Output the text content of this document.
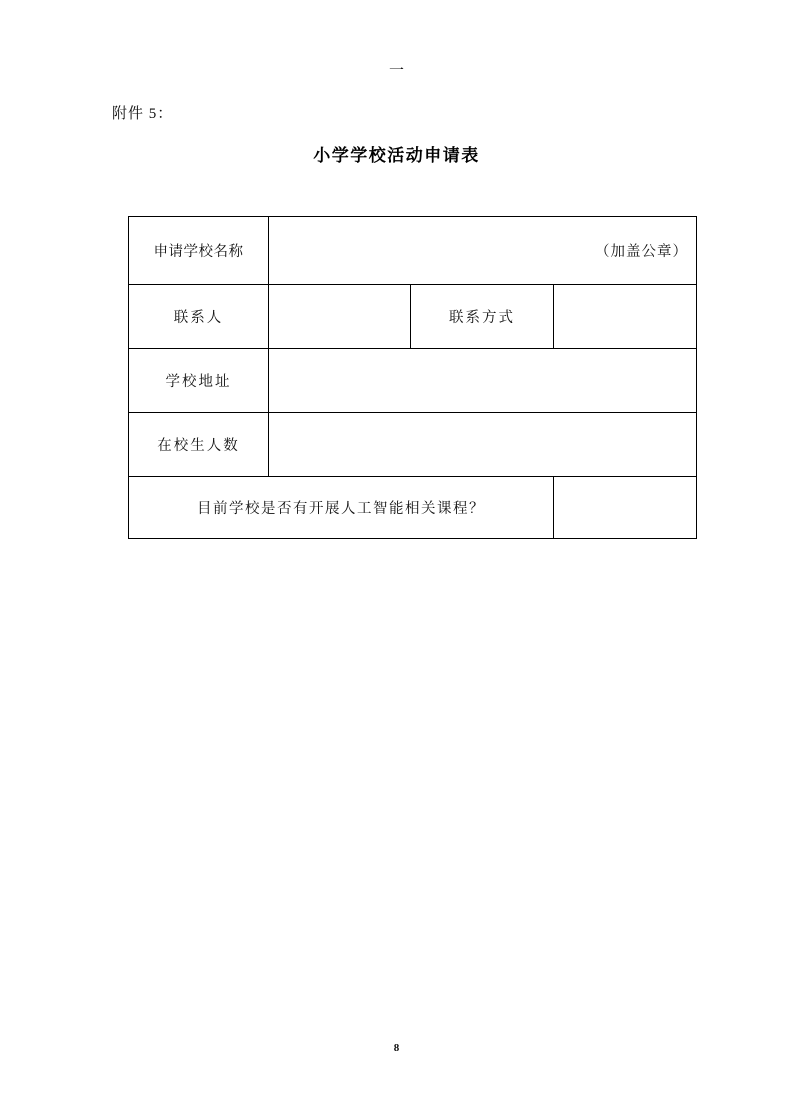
一
附件 5：
小学学校活动申请表
申请学校名称	（加盖公章）		
联系人		联系方式	
学校地址			
在校生人数			
目前学校是否有开展人工智能相关课程？			
8
